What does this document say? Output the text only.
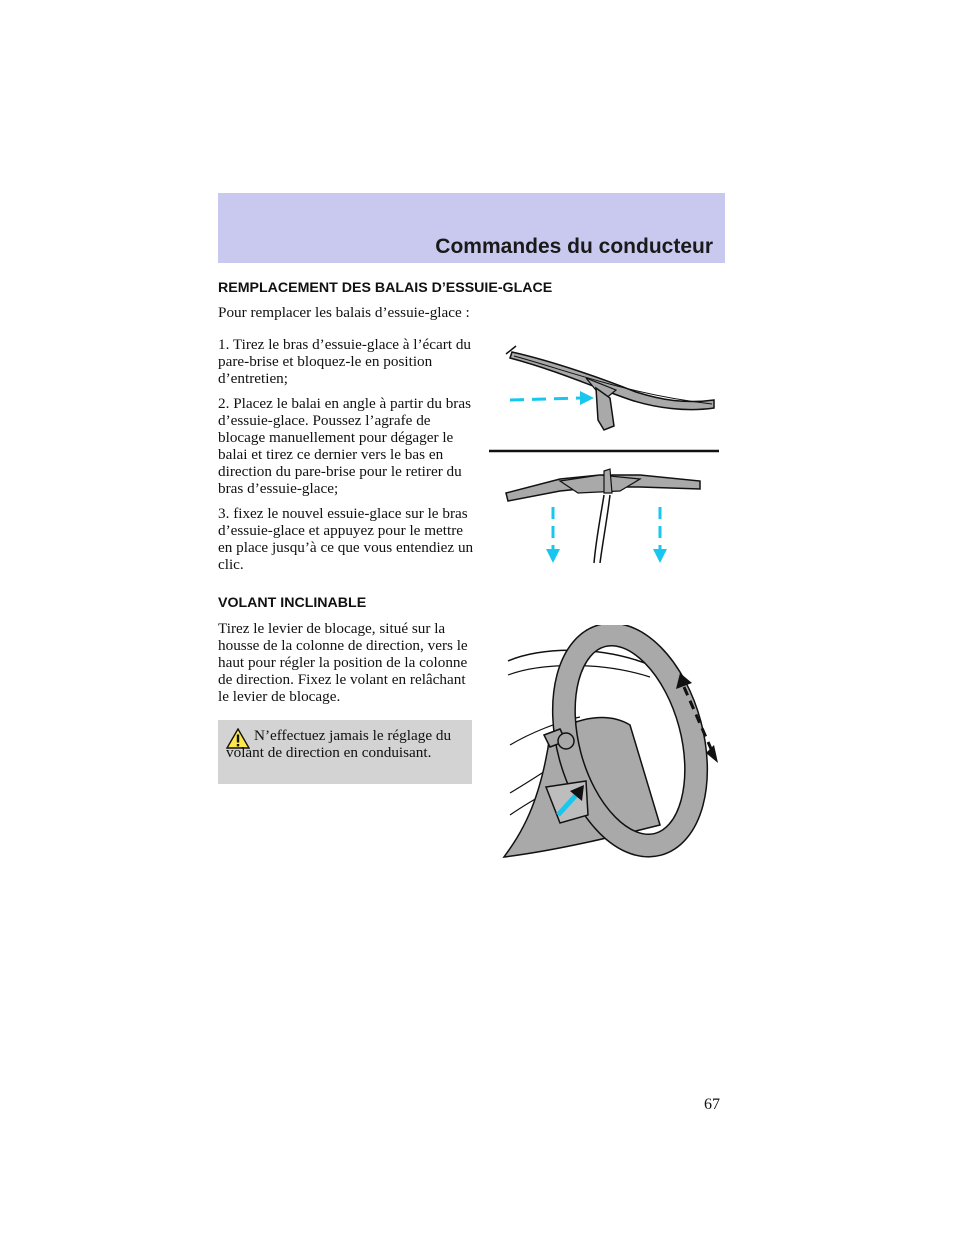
Commandes du conducteur
REMPLACEMENT DES BALAIS D’ESSUIE-GLACE
Pour remplacer les balais d’essuie-glace :
1. Tirez le bras d’essuie-glace à l’écart du pare-brise et bloquez-le en position d’entretien;
2. Placez le balai en angle à partir du bras d’essuie-glace. Poussez l’agrafe de blocage manuellement pour dégager le balai et tirez ce dernier vers le bas en direction du pare-brise pour le retirer du bras d’essuie-glace;
3. fixez le nouvel essuie-glace sur le bras d’essuie-glace et appuyez pour le mettre en place jusqu’à ce que vous entendiez un clic.
VOLANT INCLINABLE
Tirez le levier de blocage, situé sur la housse de la colonne de direction, vers le haut pour régler la position de la colonne de direction. Fixez le volant en relâchant le levier de blocage.
N’effectuez jamais le réglage du volant de direction en conduisant.
67
